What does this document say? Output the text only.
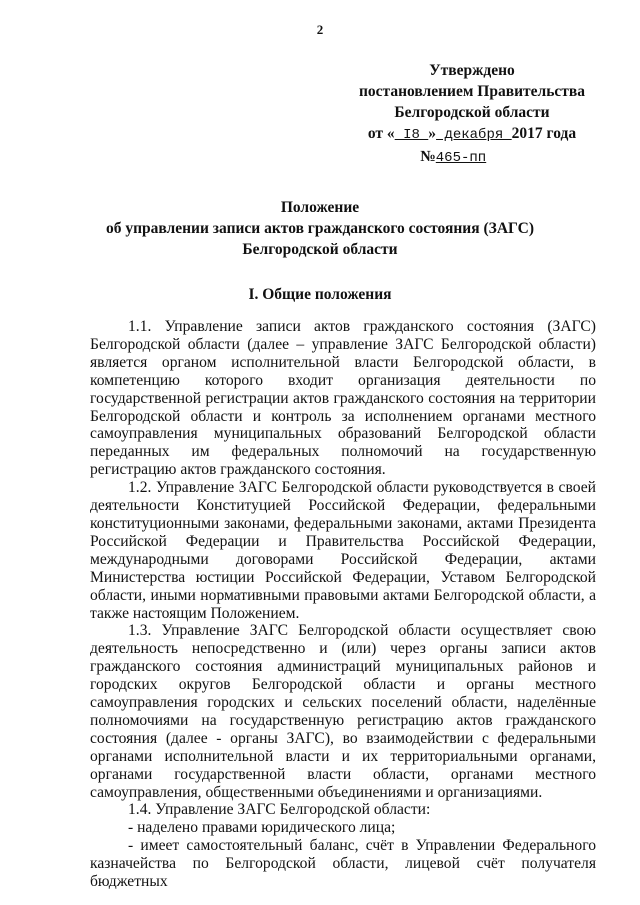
2
Утверждено
постановлением Правительства
Белгородской области
от « I8 » декабря 2017 года
№465-пп
Положение
об управлении записи актов гражданского состояния (ЗАГС)
Белгородской области
I. Общие положения

1.1. Управление записи актов гражданского состояния (ЗАГС) Белгородской области (далее – управление ЗАГС Белгородской области) является органом исполнительной власти Белгородской области, в компетенцию которого входит организация деятельности по государственной регистрации актов гражданского состояния на территории Белгородской области и контроль за исполнением органами местного самоуправления муниципальных образований Белгородской области переданных им федеральных полномочий на государственную регистрацию актов гражданского состояния.

1.2. Управление ЗАГС Белгородской области руководствуется в своей деятельности Конституцией Российской Федерации, федеральными конституционными законами, федеральными законами, актами Президента Российской Федерации и Правительства Российской Федерации, международными договорами Российской Федерации, актами Министерства юстиции Российской Федерации, Уставом Белгородской области, иными нормативными правовыми актами Белгородской области, а также настоящим Положением.

1.3. Управление ЗАГС Белгородской области осуществляет свою деятельность непосредственно и (или) через органы записи актов гражданского состояния администраций муниципальных районов и городских округов Белгородской области и органы местного самоуправления городских и сельских поселений области, наделённые полномочиями на государственную регистрацию актов гражданского состояния (далее - органы ЗАГС), во взаимодействии с федеральными органами исполнительной власти и их территориальными органами, органами государственной власти области, органами местного самоуправления, общественными объединениями и организациями.

1.4. Управление ЗАГС Белгородской области:

- наделено правами юридического лица;

- имеет самостоятельный баланс, счёт в Управлении Федерального казначейства по Белгородской области, лицевой счёт получателя бюджетных
